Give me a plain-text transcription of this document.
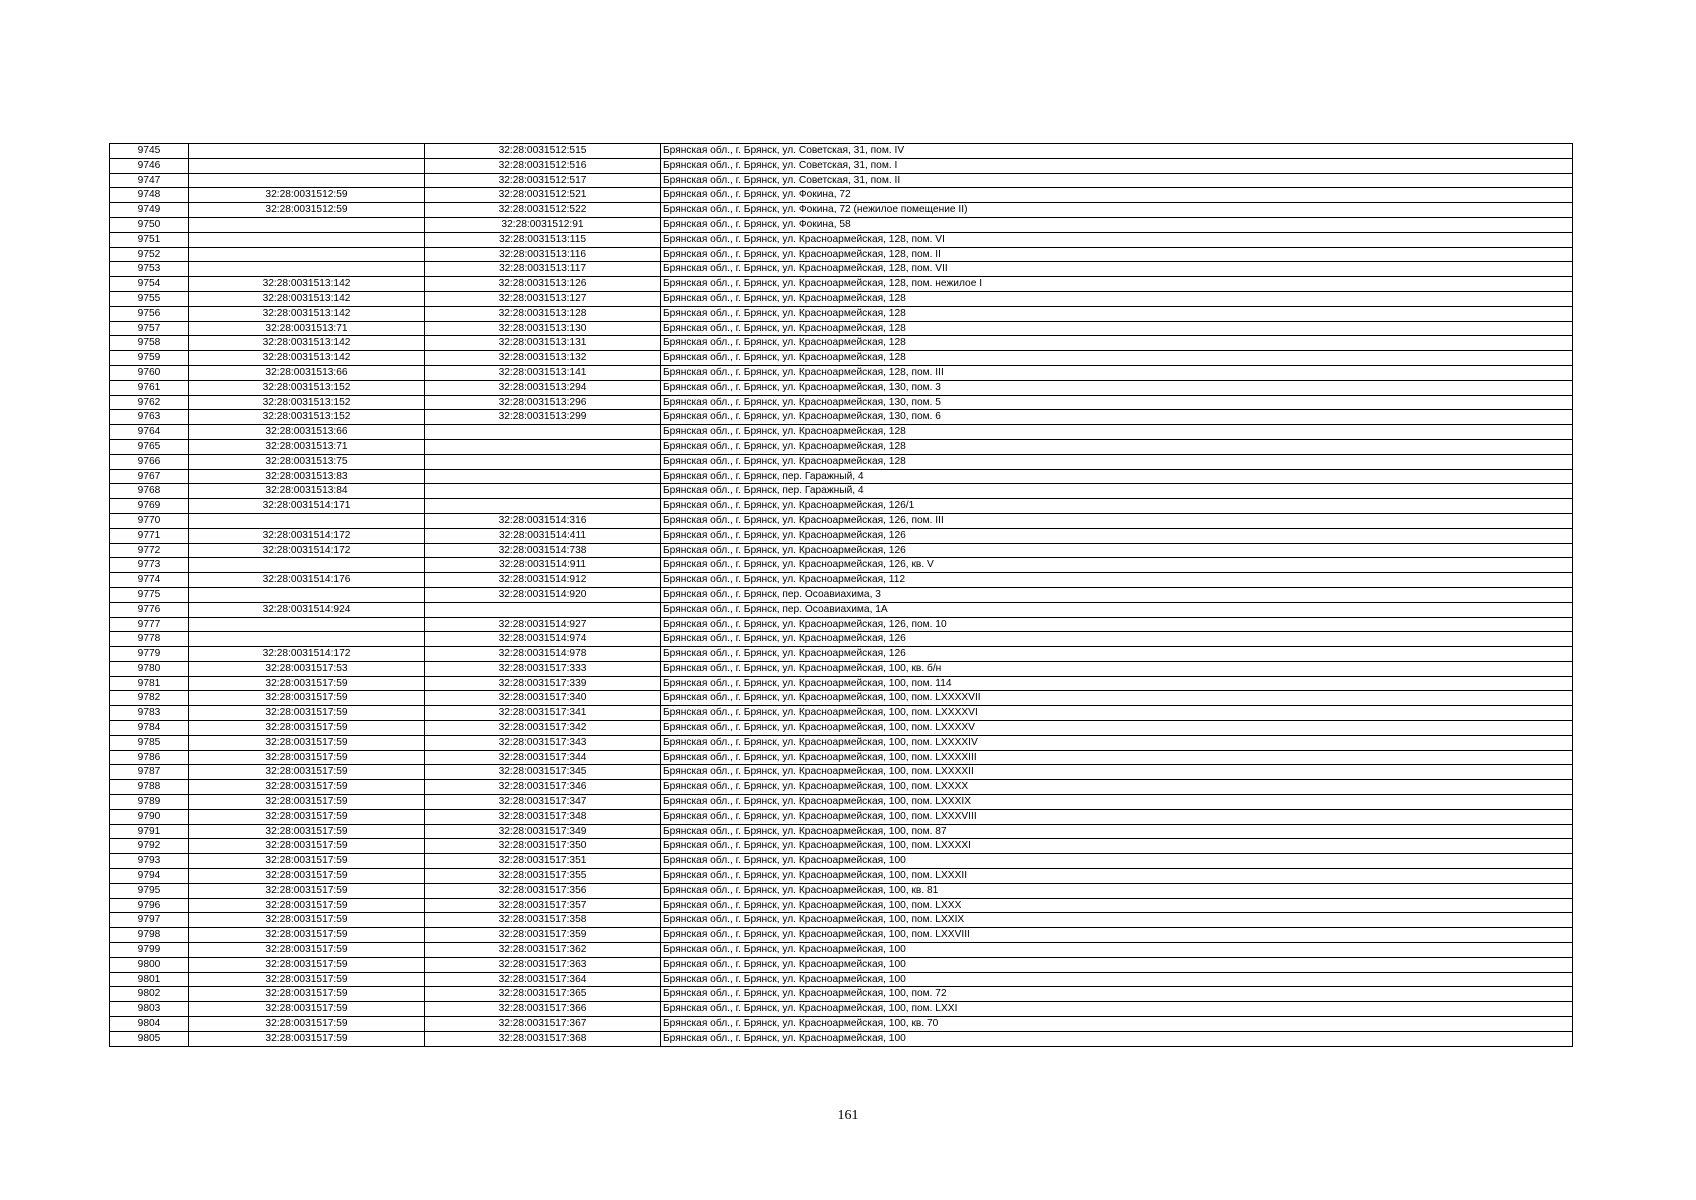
9745		32:28:0031512:515	Брянская обл., г. Брянск, ул. Советская, 31, пом. IV
9746		32:28:0031512:516	Брянская обл., г. Брянск, ул. Советская, 31, пом. I
9747		32:28:0031512:517	Брянская обл., г. Брянск, ул. Советская, 31, пом. II
9748	32:28:0031512:59	32:28:0031512:521	Брянская обл., г. Брянск, ул. Фокина, 72
9749	32:28:0031512:59	32:28:0031512:522	Брянская обл., г. Брянск, ул. Фокина, 72 (нежилое помещение II)
9750		32:28:0031512:91	Брянская обл., г. Брянск, ул. Фокина, 58
9751		32:28:0031513:115	Брянская обл., г. Брянск, ул. Красноармейская, 128, пом. VI
9752		32:28:0031513:116	Брянская обл., г. Брянск, ул. Красноармейская, 128, пом. II
9753		32:28:0031513:117	Брянская обл., г. Брянск, ул. Красноармейская, 128, пом. VII
9754	32:28:0031513:142	32:28:0031513:126	Брянская обл., г. Брянск, ул. Красноармейская, 128, пом. нежилое I
9755	32:28:0031513:142	32:28:0031513:127	Брянская обл., г. Брянск, ул. Красноармейская, 128
9756	32:28:0031513:142	32:28:0031513:128	Брянская обл., г. Брянск, ул. Красноармейская, 128
9757	32:28:0031513:71	32:28:0031513:130	Брянская обл., г. Брянск, ул. Красноармейская, 128
9758	32:28:0031513:142	32:28:0031513:131	Брянская обл., г. Брянск, ул. Красноармейская, 128
9759	32:28:0031513:142	32:28:0031513:132	Брянская обл., г. Брянск, ул. Красноармейская, 128
9760	32:28:0031513:66	32:28:0031513:141	Брянская обл., г. Брянск, ул. Красноармейская, 128, пом. III
9761	32:28:0031513:152	32:28:0031513:294	Брянская обл., г. Брянск, ул. Красноармейская, 130, пом. 3
9762	32:28:0031513:152	32:28:0031513:296	Брянская обл., г. Брянск, ул. Красноармейская, 130, пом. 5
9763	32:28:0031513:152	32:28:0031513:299	Брянская обл., г. Брянск, ул. Красноармейская, 130, пом. 6
9764	32:28:0031513:66		Брянская обл., г. Брянск, ул. Красноармейская, 128
9765	32:28:0031513:71		Брянская обл., г. Брянск, ул. Красноармейская, 128
9766	32:28:0031513:75		Брянская обл., г. Брянск, ул. Красноармейская, 128
9767	32:28:0031513:83		Брянская обл., г. Брянск, пер. Гаражный, 4
9768	32:28:0031513:84		Брянская обл., г. Брянск, пер. Гаражный, 4
9769	32:28:0031514:171		Брянская обл., г. Брянск, ул. Красноармейская, 126/1
9770		32:28:0031514:316	Брянская обл., г. Брянск, ул. Красноармейская, 126, пом. III
9771	32:28:0031514:172	32:28:0031514:411	Брянская обл., г. Брянск, ул. Красноармейская, 126
9772	32:28:0031514:172	32:28:0031514:738	Брянская обл., г. Брянск, ул. Красноармейская, 126
9773		32:28:0031514:911	Брянская обл., г. Брянск, ул. Красноармейская, 126, кв. V
9774	32:28:0031514:176	32:28:0031514:912	Брянская обл., г. Брянск, ул. Красноармейская, 112
9775		32:28:0031514:920	Брянская обл., г. Брянск, пер. Осоавиахима, 3
9776	32:28:0031514:924		Брянская обл., г. Брянск, пер. Осоавиахима, 1А
9777		32:28:0031514:927	Брянская обл., г. Брянск, ул. Красноармейская, 126, пом. 10
9778		32:28:0031514:974	Брянская обл., г. Брянск, ул. Красноармейская, 126
9779	32:28:0031514:172	32:28:0031514:978	Брянская обл., г. Брянск, ул. Красноармейская, 126
9780	32:28:0031517:53	32:28:0031517:333	Брянская обл., г. Брянск, ул. Красноармейская, 100, кв. б/н
9781	32:28:0031517:59	32:28:0031517:339	Брянская обл., г. Брянск, ул. Красноармейская, 100, пом. 114
9782	32:28:0031517:59	32:28:0031517:340	Брянская обл., г. Брянск, ул. Красноармейская, 100, пом. LXXXXVII
9783	32:28:0031517:59	32:28:0031517:341	Брянская обл., г. Брянск, ул. Красноармейская, 100, пом. LXXXXVI
9784	32:28:0031517:59	32:28:0031517:342	Брянская обл., г. Брянск, ул. Красноармейская, 100, пом. LXXXXV
9785	32:28:0031517:59	32:28:0031517:343	Брянская обл., г. Брянск, ул. Красноармейская, 100, пом. LXXXXIV
9786	32:28:0031517:59	32:28:0031517:344	Брянская обл., г. Брянск, ул. Красноармейская, 100, пом. LXXXXIII
9787	32:28:0031517:59	32:28:0031517:345	Брянская обл., г. Брянск, ул. Красноармейская, 100, пом. LXXXXII
9788	32:28:0031517:59	32:28:0031517:346	Брянская обл., г. Брянск, ул. Красноармейская, 100, пом. LXXXX
9789	32:28:0031517:59	32:28:0031517:347	Брянская обл., г. Брянск, ул. Красноармейская, 100, пом. LXXXIX
9790	32:28:0031517:59	32:28:0031517:348	Брянская обл., г. Брянск, ул. Красноармейская, 100, пом. LXXXVIII
9791	32:28:0031517:59	32:28:0031517:349	Брянская обл., г. Брянск, ул. Красноармейская, 100, пом. 87
9792	32:28:0031517:59	32:28:0031517:350	Брянская обл., г. Брянск, ул. Красноармейская, 100, пом. LXXXXI
9793	32:28:0031517:59	32:28:0031517:351	Брянская обл., г. Брянск, ул. Красноармейская, 100
9794	32:28:0031517:59	32:28:0031517:355	Брянская обл., г. Брянск, ул. Красноармейская, 100, пом. LXXXII
9795	32:28:0031517:59	32:28:0031517:356	Брянская обл., г. Брянск, ул. Красноармейская, 100, кв. 81
9796	32:28:0031517:59	32:28:0031517:357	Брянская обл., г. Брянск, ул. Красноармейская, 100, пом. LXXX
9797	32:28:0031517:59	32:28:0031517:358	Брянская обл., г. Брянск, ул. Красноармейская, 100, пом. LXXIX
9798	32:28:0031517:59	32:28:0031517:359	Брянская обл., г. Брянск, ул. Красноармейская, 100, пом. LXXVIII
9799	32:28:0031517:59	32:28:0031517:362	Брянская обл., г. Брянск, ул. Красноармейская, 100
9800	32:28:0031517:59	32:28:0031517:363	Брянская обл., г. Брянск, ул. Красноармейская, 100
9801	32:28:0031517:59	32:28:0031517:364	Брянская обл., г. Брянск, ул. Красноармейская, 100
9802	32:28:0031517:59	32:28:0031517:365	Брянская обл., г. Брянск, ул. Красноармейская, 100, пом. 72
9803	32:28:0031517:59	32:28:0031517:366	Брянская обл., г. Брянск, ул. Красноармейская, 100, пом. LXXI
9804	32:28:0031517:59	32:28:0031517:367	Брянская обл., г. Брянск, ул. Красноармейская, 100, кв. 70
9805	32:28:0031517:59	32:28:0031517:368	Брянская обл., г. Брянск, ул. Красноармейская, 100
161
